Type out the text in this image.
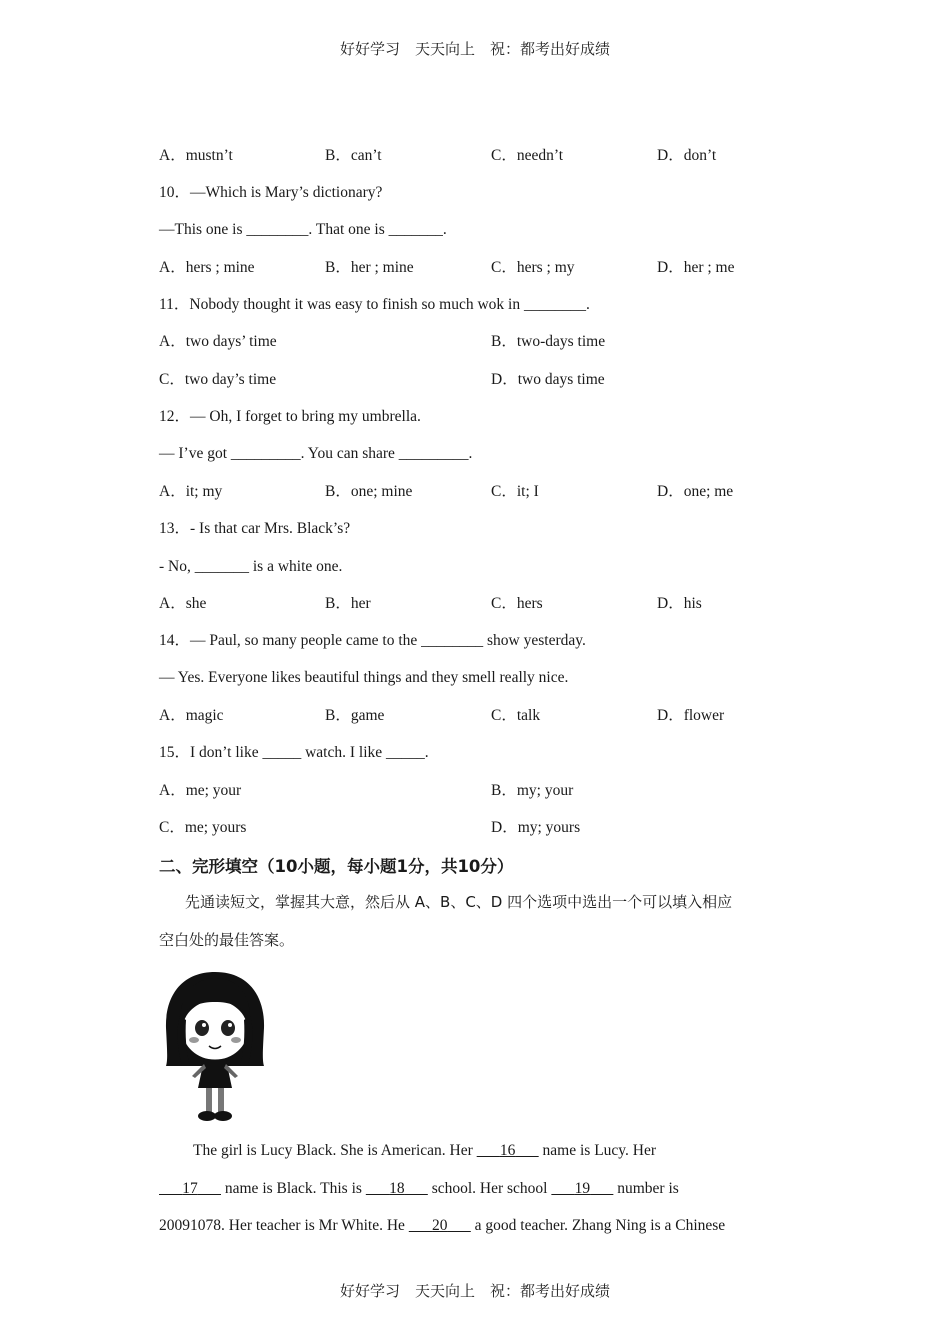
好好学习　天天向上　祝：都考出好成绩
A．mustn’t	B．can’t	C．needn’t	D．don’t
10．—Which is Mary’s dictionary?
—This one is ________. That one is _______.
A．hers ; mine	B．her ; mine	C．hers ; my	D．her ; me
11．Nobody thought it was easy to finish so much wok in ________.
A．two days’ time	B．two-days time
C．two day’s time	D．two days time
12．— Oh, I forget to bring my umbrella.
— I’ve got _________. You can share _________.
A．it; my	B．one; mine	C．it; I	D．one; me
13．- Is that car Mrs. Black’s?
- No, _______ is a white one.
A．she	B．her	C．hers	D．his
14．— Paul, so many people came to the ________ show yesterday.
— Yes. Everyone likes beautiful things and they smell really nice.
A．magic	B．game	C．talk	D．flower
15．I don’t like _____ watch. I like _____.
A．me; your	B．my; your
C．me; yours	D．my; yours
二、完形填空（10小题，每小题1分，共10分）
先通读短文，掌握其大意，然后从 A、B、C、D 四个选项中选出一个可以填入相应
空白处的最佳答案。
The girl is Lucy Black. She is American. Her    16    name is Lucy. Her
   17    name is Black. This is    18    school. Her school    19    number is
20091078. Her teacher is Mr White. He    20    a good teacher. Zhang Ning is a Chinese
好好学习　天天向上　祝：都考出好成绩
